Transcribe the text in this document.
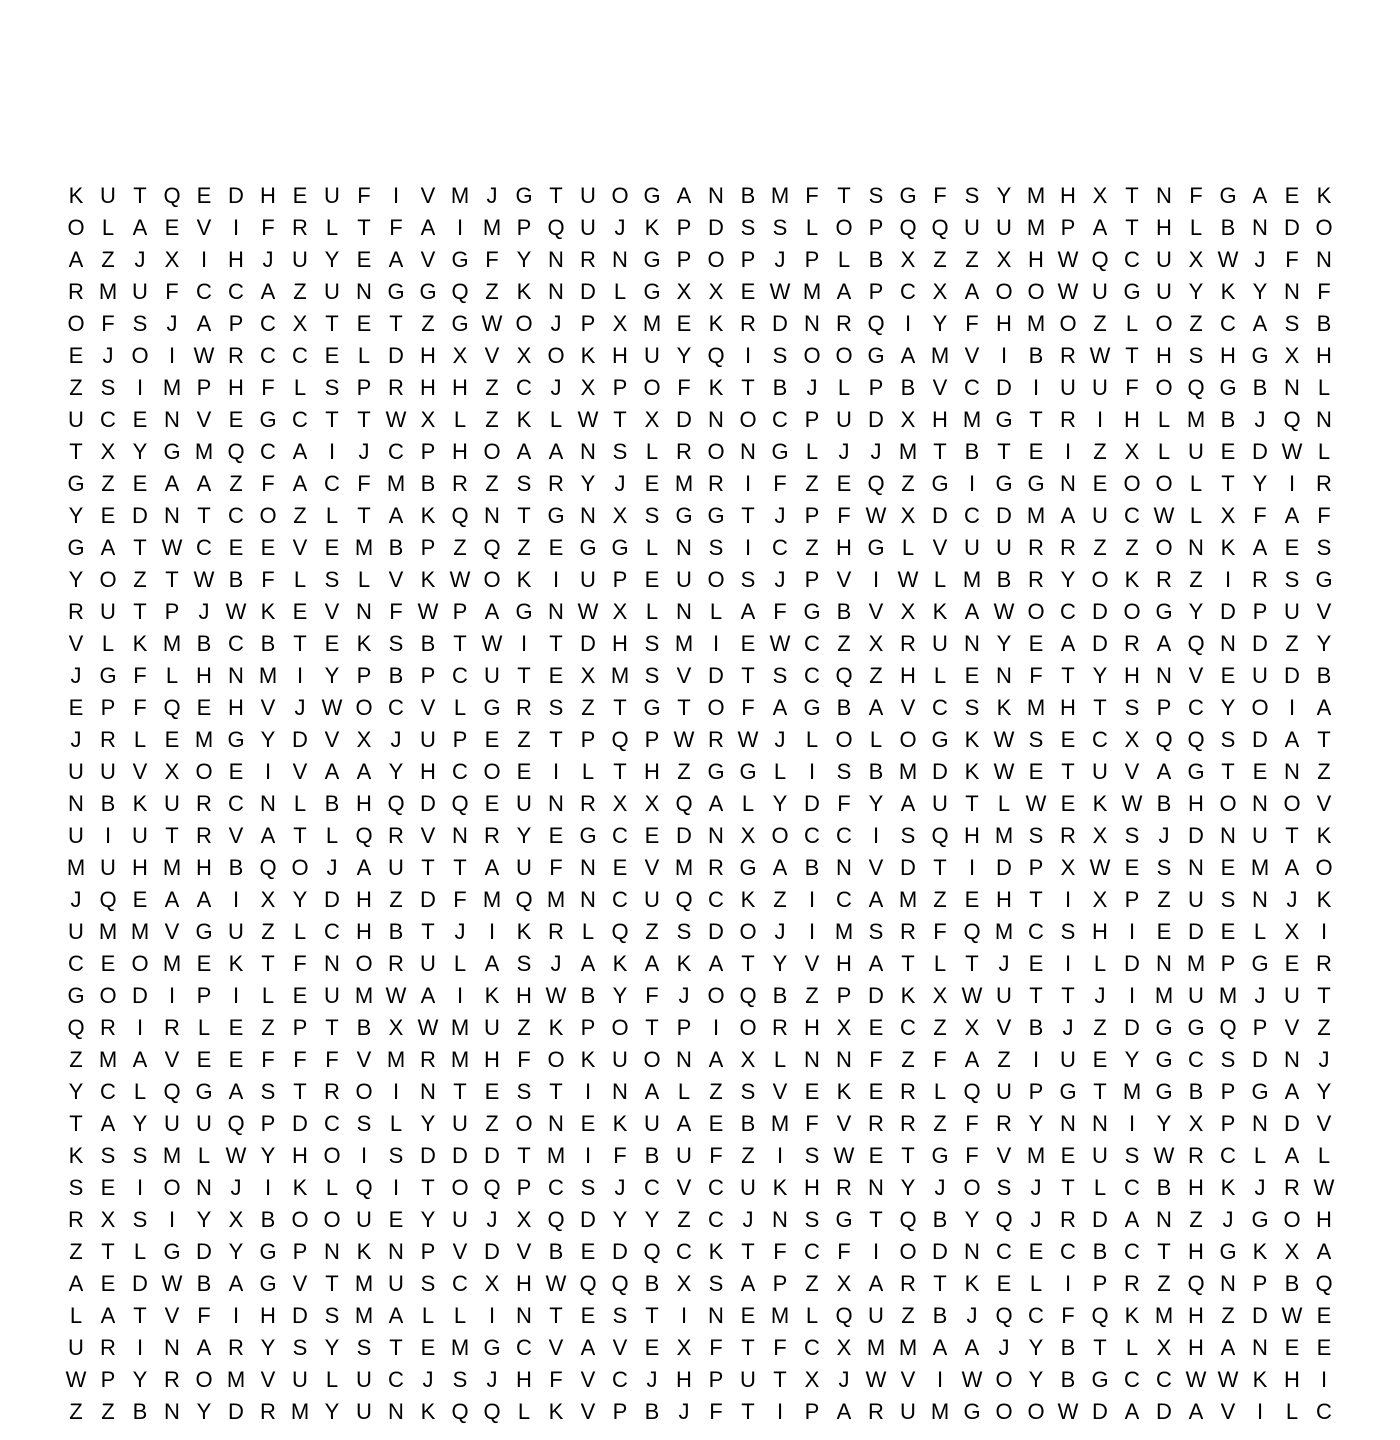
K U T Q E D H E U F	I V M J G T U O G A N B M F T S G F S Y M H X T N F G A E K
O L A E V I	F R L T F A I M P Q U J K P D S S L O P Q Q U U M P A T H L B N D O
A Z J X I H J U Y E A V G F Y N R N G P O P J P L B X Z Z X H W Q C U X W J F N
R M U F C C A Z U N G G Q Z K N D L G X X E W M A P C X A O O W U G U Y K Y N F
O F S J A P C X T E T Z G W O J P X M E K R D N R Q I Y F H M O Z L O Z C A S B
E J O I W R C C E L D H X V X O K H U Y Q I S O O G A M V I B R W T H S H G X H
Z S I M P H F L S P R H H Z C J X P O F K T B J L P B V C D I U U F O Q G B N L
U C E N V E G C T T W X L Z K L W T X D N O C P U D X H M G T R I H L M B J Q N
T X Y G M Q C A I	J C P H O A A N S L R O N G L J J M T B T E I	Z X L U E D W L
G Z E A A Z F A C F M B R Z S R Y J E M R I	F Z E Q Z G I G G N E O O L T Y I R
Y E D N T C O Z L T A K Q N T G N X S G G T J P F W X D C D M A U C W L X F A F
G A T W C E E V E M B P Z Q Z E G G L N S I C Z H G L V U U R R Z Z O N K A E S
Y O Z T W B F L S L V K W O K I U P E U O S J P V I W L M B R Y O K R Z	I R S G
R U T P J W K E V N F W P A G N W X L N L A F G B V X K A W O C D O G Y D P U V
V L K M B C B T E K S B T W I	T D H S M I E W C Z X R U N Y E A D R A Q N D Z Y
J G F L H N M I Y P B P C U T E X M S V D T S C Q Z H L E N F T Y H N V E U D B
E P F Q E H V J W O C V L G R S Z T G T O F A G B A V C S K M H T S P C Y O I A
J R L E M G Y D V X J U P E Z T P Q P W R W J L O L O G K W S E C X Q Q S D A T
U U V X O E I V A A Y H C O E I	L T H Z G G L	I S B M D K W E T U V A G T E N Z
N B K U R C N L B H Q D Q E U N R X X Q A L Y D F Y A U T L W E K W B H O N O V
U I U T R V A T L Q R V N R Y E G C E D N X O C C I S Q H M S R X S J D N U T K
M U H M H B Q O J A U T T A U F N E V M R G A B N V D T	I D P X W E S N E M A O
J Q E A A I X Y D H Z D F M Q M N C U Q C K Z	I C A M Z E H T	I X P Z U S N J K
U M M V G U Z L C H B T J	I K R L Q Z S D O J	I M S R F Q M C S H I E D E L X I
C E O M E K T F N O R U L A S J A K A K A T Y V H A T L T J E I	L D N M P G E R
G O D I P I	L E U M W A I K H W B Y F J O Q B Z P D K X W U T T J	I M U M J U T
Q R I R L E Z P T B X W M U Z K P O T P I O R H X E C Z X V B J Z D G G Q P V Z
Z M A V E E F F F V M R M H F O K U O N A X L N N F Z F A Z	I U E Y G C S D N J
Y C L Q G A S T R O I N T E S T	I N A L Z S V E K E R L Q U P G T M G B P G A Y
T A Y U U Q P D C S L Y U Z O N E K U A E B M F V R R Z F R Y N N I Y X P N D V
K S S M L W Y H O I S D D D T M I	F B U F Z	I S W E T G F V M E U S W R C L A L
S E I O N J	I K L Q I	T O Q P C S J C V C U K H R N Y J O S J T L C B H K J R W
R X S I Y X B O O U E Y U J X Q D Y Y Z C J N S G T Q B Y Q J R D A N Z J G O H
Z T L G D Y G P N K N P V D V B E D Q C K T F C F	I O D N C E C B C T H G K X A
A E D W B A G V T M U S C X H W Q Q B X S A P Z X A R T K E L	I P R Z Q N P B Q
L A T V F	I H D S M A L L	I N T E S T	I N E M L Q U Z B J Q C F Q K M H Z D W E
U R I N A R Y S Y S T E M G C V A V E X F T F C X M M A A J Y B T L X H A N E E
W P Y R O M V U L U C J S J H F V C J H P U T X J W V I W O Y B G C C W W K H I
Z Z B N Y D R M Y U N K Q Q L K V P B J F T	I P A R U M G O O W D A D A V I	L C
